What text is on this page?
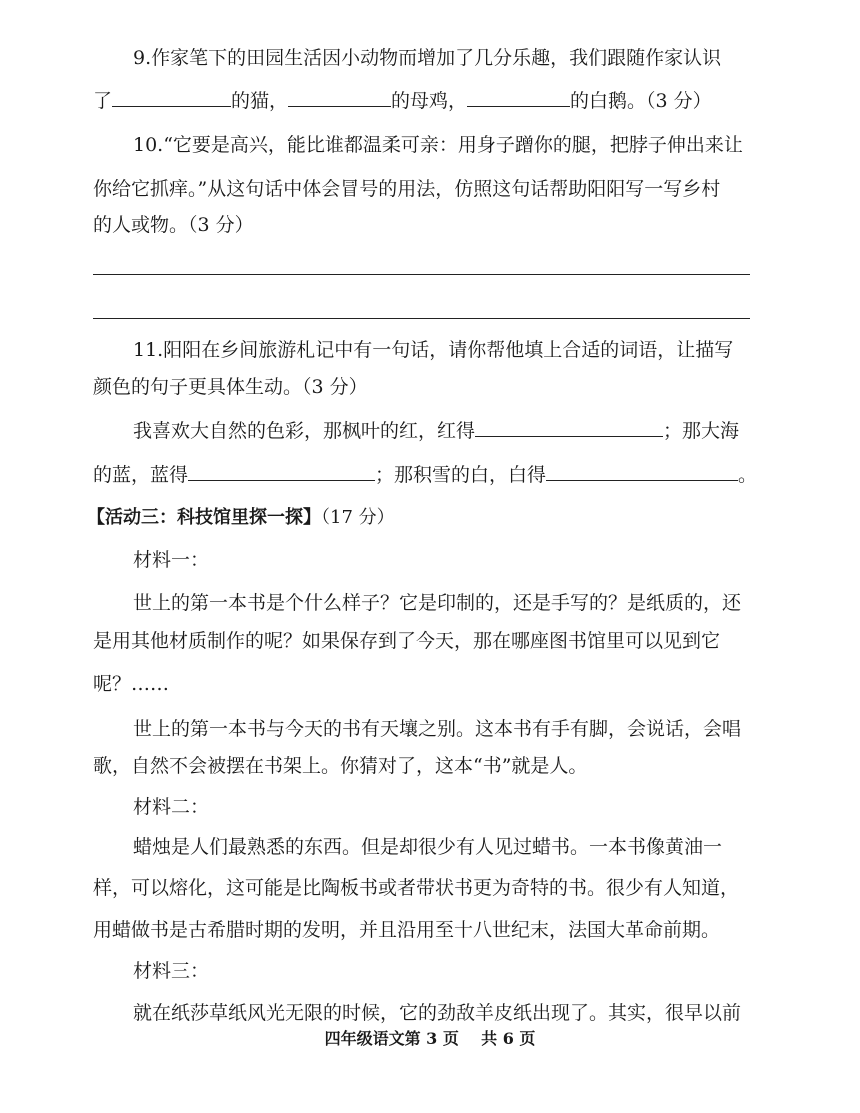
9.作家笔下的田园生活因小动物而增加了几分乐趣，我们跟随作家认识
了	的猫，	的母鸡，	的白鹅。（3 分）
10.“它要是高兴，能比谁都温柔可亲：用身子蹭你的腿，把脖子伸出来让
你给它抓痒。”从这句话中体会冒号的用法，仿照这句话帮助阳阳写一写乡村
的人或物。（3 分）
11.阳阳在乡间旅游札记中有一句话，请你帮他填上合适的词语，让描写
颜色的句子更具体生动。（3 分）
我喜欢大自然的色彩，那枫叶的红，红得	；那大海
的蓝，蓝得	；那积雪的白，白得	。
【活动三：科技馆里探一探】（17 分）
材料一：
世上的第一本书是个什么样子？它是印制的，还是手写的？是纸质的，还
是用其他材质制作的呢？如果保存到了今天，那在哪座图书馆里可以见到它
呢？……
世上的第一本书与今天的书有天壤之别。这本书有手有脚，会说话，会唱
歌，自然不会被摆在书架上。你猜对了，这本“书”就是人。
材料二：
蜡烛是人们最熟悉的东西。但是却很少有人见过蜡书。一本书像黄油一
样，可以熔化，这可能是比陶板书或者带状书更为奇特的书。很少有人知道，
用蜡做书是古希腊时期的发明，并且沿用至十八世纪末，法国大革命前期。
材料三：
就在纸莎草纸风光无限的时候，它的劲敌羊皮纸出现了。其实，很早以前
四年级语文第 3 页    共 6 页
